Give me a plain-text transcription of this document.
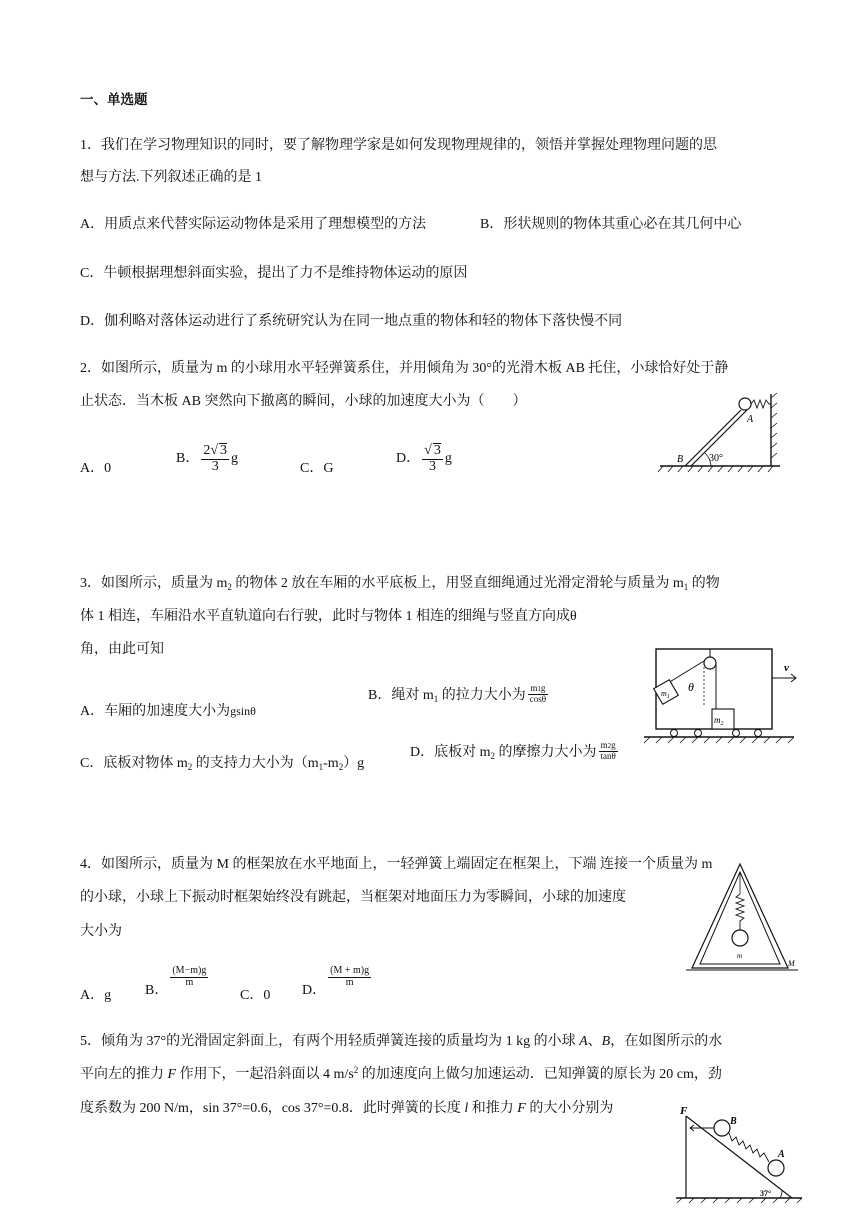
一、单选题
1．我们在学习物理知识的同时，要了解物理学家是如何发现物理规律的，领悟并掌握处理物理问题的思
想与方法.下列叙述正确的是 1
A．用质点来代替实际运动物体是采用了理想模型的方法	B．形状规则的物体其重心必在其几何中心
C．牛顿根据理想斜面实验，提出了力不是维持物体运动的原因
D．伽利略对落体运动进行了系统研究认为在同一地点重的物体和轻的物体下落快慢不同
2．如图所示，质量为 m 的小球用水平轻弹簧系住，并用倾角为 30°的光滑木板 AB 托住，小球恰好处于静
止状态．当木板 AB 突然向下撤离的瞬间，小球的加速度大小为（　　）
A．0
B． $\frac{2√ 3}{3}$ g
C．G
D． $\frac{√ 3}{3}$ g
A
B	30°
3．如图所示，质量为 $m_2$ 的物体 2 放在车厢的水平底板上，用竖直细绳通过光滑定滑轮与质量为 $m_1$ 的物
体 1 相连，车厢沿水平直轨道向右行驶，此时与物体 1 相连的细绳与竖直方向成θ
角，由此可知
A．车厢的加速度大小为gsinθ
B．绳对 $m_1$ 的拉力大小为 $\frac{m1g}{\cos\theta}$
C．底板对物体 $m_2$ 的支持力大小为$(m_1-m_2)g$
D．底板对 $m_2$ 的摩擦力大小为 $\frac{m2g}{\tan\theta}$
v
θ
$m_1$
$m_2$
4．如图所示，质量为 M 的框架放在水平地面上，一轻弹簧上端固定在框架上，下端 连接一个质量为 m
的小球，小球上下振动时框架始终没有跳起，当框架对地面压力为零瞬间，小球的加速度
大小为
A．g B．
$\frac{(M-m)g}{m}$
C．0 D．
$\frac{(M + m)g}{m}$
m
M
5．倾角为 37°的光滑固定斜面上，有两个用轻质弹簧连接的质量均为 1 kg 的小球 A、B，在如图所示的水
平向左的推力 F 作用下，一起沿斜面以 4 $m/s^2$ 的加速度向上做匀加速运动．已知弹簧的原长为 20 cm，劲
度系数为 200 N/m，sin 37°=0.6，cos 37°=0.8．此时弹簧的长度 l 和推力 F 的大小分别为	F
B
A
37°
